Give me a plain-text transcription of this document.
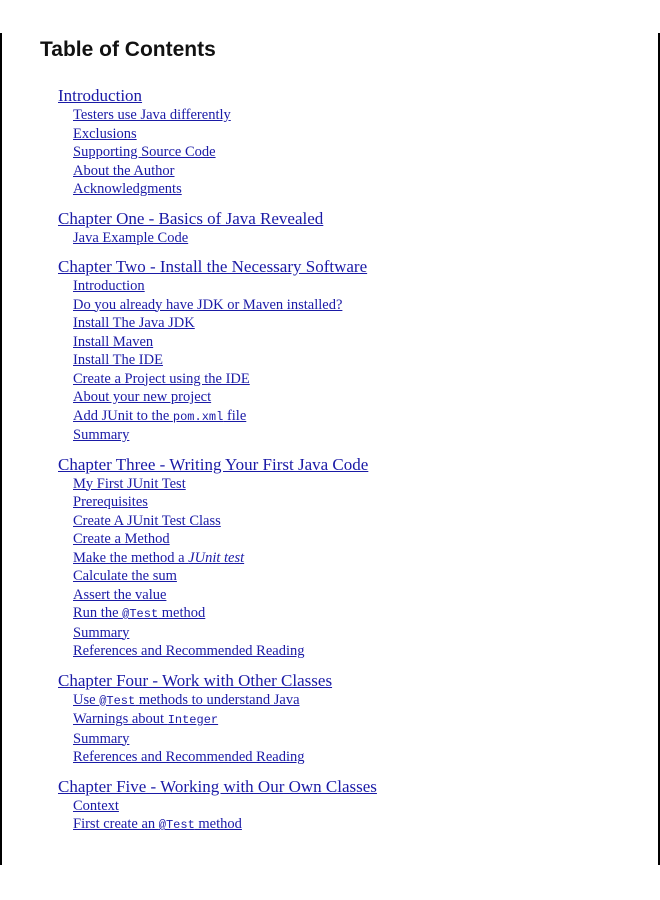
Table of Contents
Introduction
Testers use Java differently
Exclusions
Supporting Source Code
About the Author
Acknowledgments
Chapter One - Basics of Java Revealed
Java Example Code
Chapter Two - Install the Necessary Software
Introduction
Do you already have JDK or Maven installed?
Install The Java JDK
Install Maven
Install The IDE
Create a Project using the IDE
About your new project
Add JUnit to the pom.xml file
Summary
Chapter Three - Writing Your First Java Code
My First JUnit Test
Prerequisites
Create A JUnit Test Class
Create a Method
Make the method a JUnit test
Calculate the sum
Assert the value
Run the @Test method
Summary
References and Recommended Reading
Chapter Four - Work with Other Classes
Use @Test methods to understand Java
Warnings about Integer
Summary
References and Recommended Reading
Chapter Five - Working with Our Own Classes
Context
First create an @Test method
